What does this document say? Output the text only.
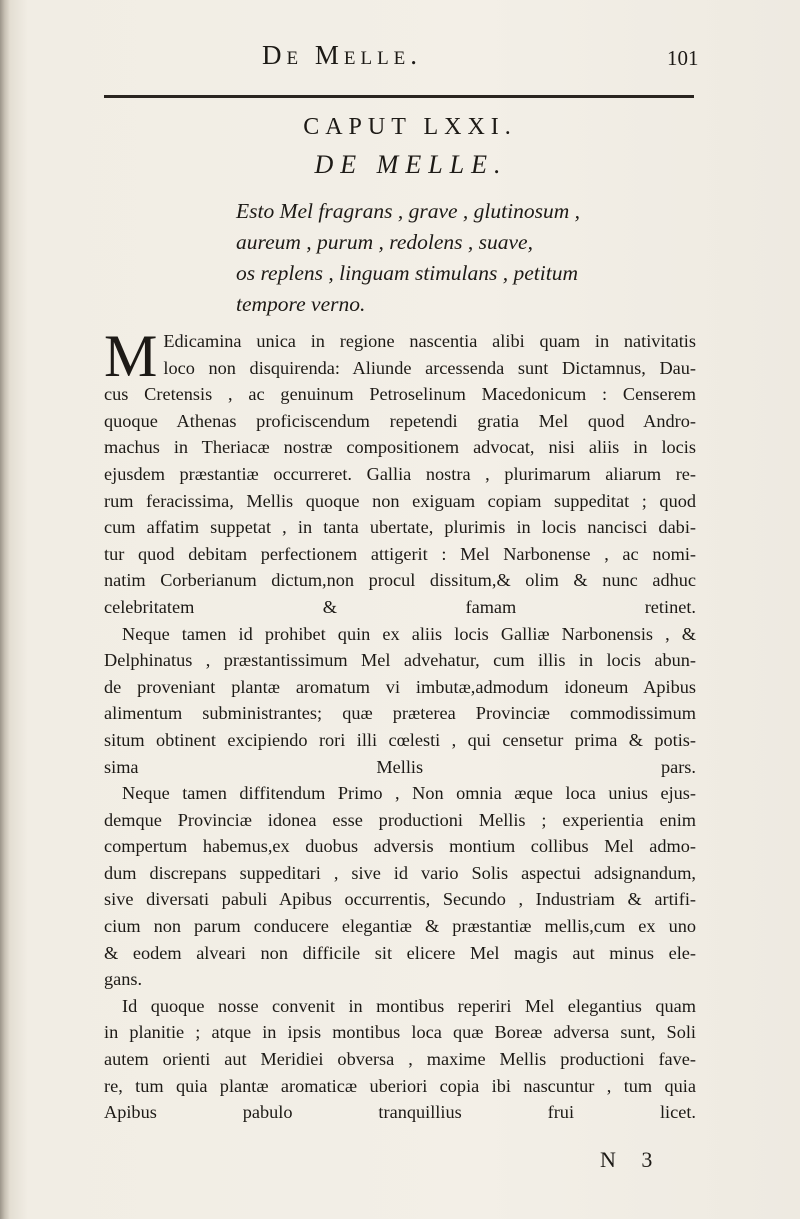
De Melle.	101
CAPUT LXXI.
DE MELLE.
Esto Mel fragrans , grave , glutinosum ,
aureum , purum , redolens , suave,
os replens , linguam stimulans , petitum
tempore verno.
M Edicamina unica in regione nascentia alibi quam in nativitatis
loco non disquirenda: Aliunde arcessenda sunt Dictamnus, Dau-
cus Cretensis , ac genuinum Petroselinum Macedonicum : Censerem
quoque Athenas proficiscendum repetendi gratia Mel quod Andro-
machus in Theriacæ nostræ compositionem advocat, nisi aliis in locis
ejusdem præstantiæ occurreret. Gallia nostra , plurimarum aliarum re-
rum feracissima, Mellis quoque non exiguam copiam suppeditat ; quod
cum affatim suppetat , in tanta ubertate, plurimis in locis nancisci dabi-
tur quod debitam perfectionem attigerit : Mel Narbonense , ac nomi-
natim Corberianum dictum,non procul dissitum,& olim & nunc adhuc
celebritatem & famam retinet.
Neque tamen id prohibet quin ex aliis locis Galliæ Narbonensis , &
Delphinatus , præstantissimum Mel advehatur, cum illis in locis abun-
de proveniant plantæ aromatum vi imbutæ,admodum idoneum Apibus
alimentum subministrantes; quæ præterea Provinciæ commodissimum
situm obtinent excipiendo rori illi cœlesti , qui censetur prima & potis-
sima Mellis pars.
Neque tamen diffitendum Primo , Non omnia æque loca unius ejus-
demque Provinciæ idonea esse productioni Mellis ; experientia enim
compertum habemus,ex duobus adversis montium collibus Mel admo-
dum discrepans suppeditari , sive id vario Solis aspectui adsignandum,
sive diversati pabuli Apibus occurrentis, Secundo , Industriam & artifi-
cium non parum conducere elegantiæ & præstantiæ mellis,cum ex uno
& eodem alveari non difficile sit elicere Mel magis aut minus ele-
gans.
Id quoque nosse convenit in montibus reperiri Mel elegantius quam
in planitie ; atque in ipsis montibus loca quæ Boreæ adversa sunt, Soli
autem orienti aut Meridiei obversa , maxime Mellis productioni fave-
re, tum quia plantæ aromaticæ uberiori copia ibi nascuntur , tum quia
Apibus pabulo tranquillius frui licet.
N 3
